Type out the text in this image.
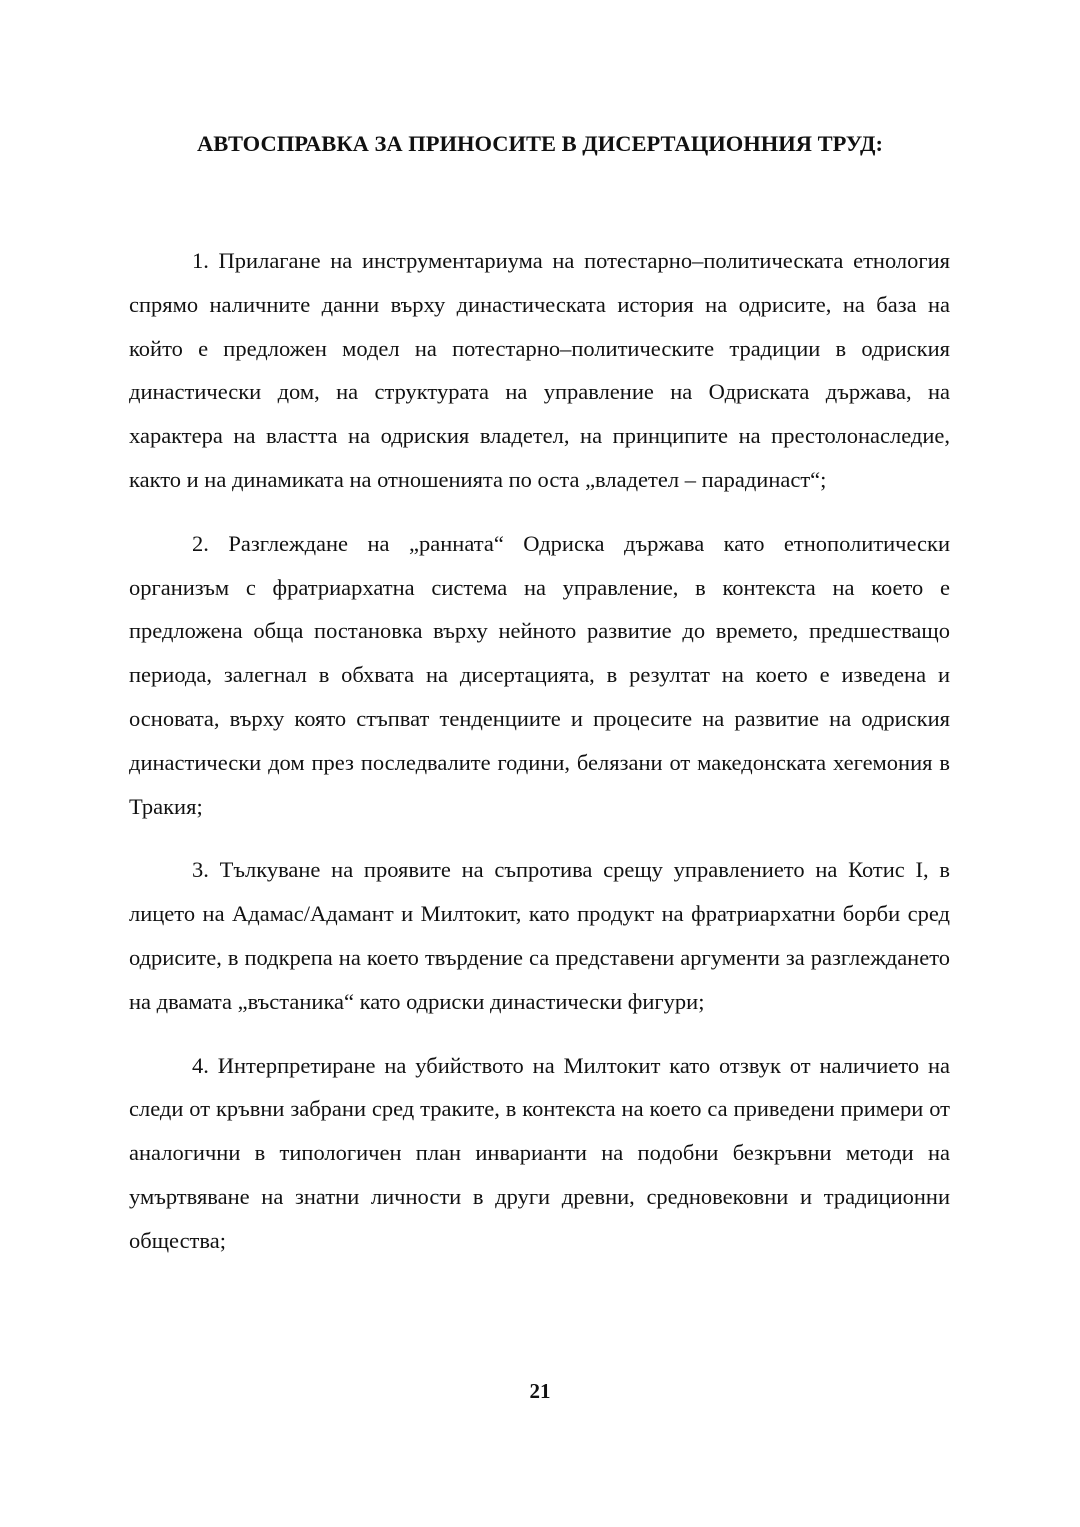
АВТОСПРАВКА ЗА ПРИНОСИТЕ В ДИСЕРТАЦИОННИЯ ТРУД:

1. Прилагане на инструментариума на потестарно–политическата етнология спрямо наличните данни върху династическата история на одрисите, на база на който е предложен модел на потестарно–политическите традиции в одриския династически дом, на структурата на управление на Одриската държава, на характера на властта на одриския владетел, на принципите на престолонаследие, както и на динамиката на отношенията по оста „владетел – парадинаст“;

2. Разглеждане на „ранната“ Одриска държава като етнополитически организъм с фратриархатна система на управление, в контекста на което е предложена обща постановка върху нейното развитие до времето, предшестващо периода, залегнал в обхвата на дисертацията, в резултат на което е изведена и основата, върху която стъпват тенденциите и процесите на развитие на одриския династически дом през последвалите години, белязани от македонската хегемония в Тракия;

3. Тълкуване на проявите на съпротива срещу управлението на Котис I, в лицето на Адамас/Адамант и Милтокит, като продукт на фратриархатни борби сред одрисите, в подкрепа на което твърдение са представени аргументи за разглеждането на двамата „въстаника“ като одриски династически фигури;

4. Интерпретиране на убийството на Милтокит като отзвук от наличието на следи от кръвни забрани сред траките, в контекста на което са приведени примери от аналогични в типологичен план инварианти на подобни безкръвни методи на умъртвяване на знатни личности в други древни, средновековни и традиционни общества;

21
